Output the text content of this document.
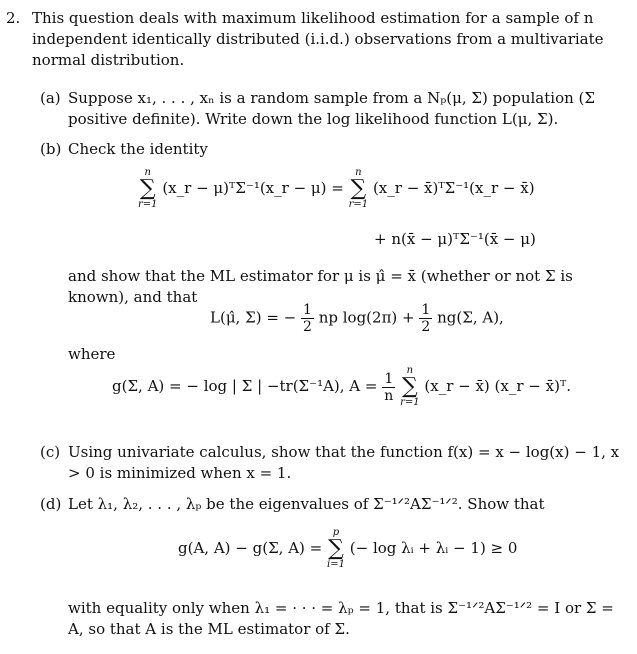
2. This question deals with maximum likelihood estimation for a sample of n independent identically distributed (i.i.d.) observations from a multivariate normal distribution.
(a) Suppose x₁, . . . , xₙ is a random sample from a Nₚ(μ, Σ) population (Σ positive definite). Write down the log likelihood function L(μ, Σ).
(b) Check the identity
n
∑
r=1
(x_r − μ)ᵀΣ⁻¹(x_r − μ) =
n
∑
r=1
(x_r − x̄)ᵀΣ⁻¹(x_r − x̄)
+ n(x̄ − μ)ᵀΣ⁻¹(x̄ − μ)
and show that the ML estimator for μ is μ̂ = x̄ (whether or not Σ is known), and that
L(μ̂, Σ) = − $\frac{1}{2}$ np $\log(2\pi) + \frac{1}{2} ng(\Sigma$, A),
where
g(Σ, A) = − log | Σ | −tr(Σ⁻¹A), $A = \frac{1}{n}$
	n
∑
r=1
(x_r − x̄) (x_r − x̄)ᵀ.
(c) Using univariate calculus, show that the function f(x) = x − log(x) − 1, x > 0 is minimized when x = 1.
(d) Let λ₁, λ₂, . . . , λₚ be the eigenvalues of Σ⁻¹ᐟ²AΣ⁻¹ᐟ². Show that
g(A, A) − g(Σ, A) =
p
∑
i=1
(− log λᵢ + λᵢ − 1) ≥ 0
with equality only when λ₁ = · · · = λₚ = 1, that is Σ⁻¹ᐟ²AΣ⁻¹ᐟ² = I or Σ = A, so that A is the ML estimator of Σ.
